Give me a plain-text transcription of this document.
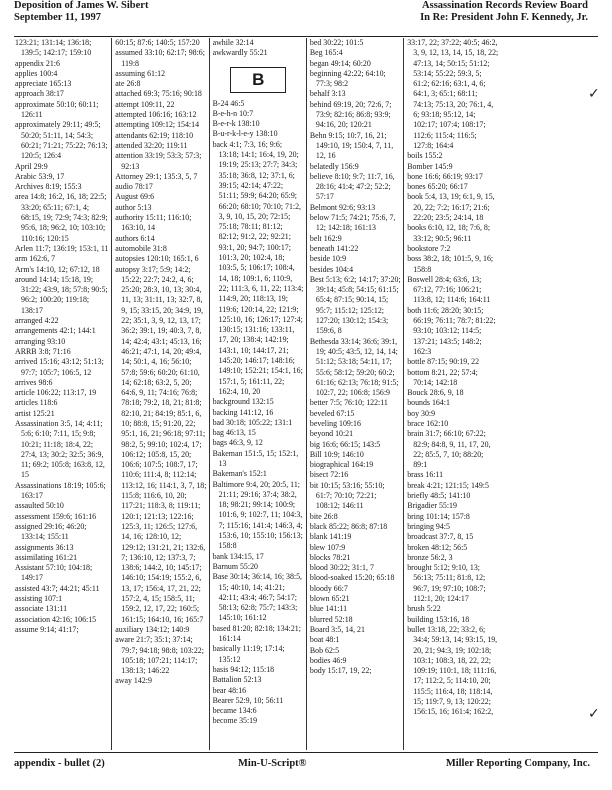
Deposition of James W. Sibert
September 11, 1997
Assassination Records Review Board
In Re: President John F. Kennedy, Jr.
123:21; 131:14; 136:18; 139:5; 142:17; 159:10
appendix 21:6
applies 100:4
appreciate 165:13
approach 38:17
approximate 50:10; 60:11; 126:11
approximately 29:11; 49:5; 50:20; 51:11, 14; 54:3; 60:21; 71:21; 75:22; 76:13; 120:5; 126:4
April 29:9
Arabic 53:9, 17
Archives 8:19; 155:3
area 14:8; 16:2, 16, 18; 22:5; 33:20; 65:11; 67:1, 4; 68:15, 19; 72:9; 74:3; 82:9; 95:6, 18; 96:2, 10; 103:10; 110:16; 120:15
Arlen 11:7; 136:19; 153:1, 11
arm 162:6, 7
Arm's 14:10, 12; 67:12, 18
around 14:14; 15:18, 19; 31:22; 43:9, 18; 57:8; 90:5; 96:2; 100:20; 119:18; 138:17
arranged 4:22
arrangements 42:1; 144:1
arranging 93:10
ARRB 3:8; 71:16
arrived 15:16; 43:12; 51:13; 97:7; 105:7; 106:5, 12
arrives 98:6
article 106:22; 113:17, 19
articles 118:6
artist 125:21
Assassination 3:5, 14; 4:11; 5:6; 6:10; 7:11, 15; 9:8; 10:21; 11:18; 18:4, 22; 27:4, 13; 30:2; 32:5; 36:9, 11; 69:2; 105:8; 163:8, 12, 15
Assassinations 18:19; 105:6; 163:17
assaulted 50:10
assessment 159:6; 161:16
assigned 29:16; 46:20; 133:14; 155:11
assignments 36:13
assimilating 161:21
Assistant 57:10; 104:18; 149:17
assisted 43:7; 44:21; 45:11
assisting 107:1
associate 131:11
association 42:16; 106:15
assume 9:14; 41:17;
60:15; 87:6; 140:5; 157:20
assumed 33:10; 62:17; 98:6; 119:8
assuming 61:12
ate 26:8
attached 69:3; 75:16; 90:18
attempt 109:11, 22
attempted 106:16; 163:12
attempting 109:12; 154:14
attendants 62:19; 118:10
attended 32:20; 119:11
attention 33:19; 53:3; 57:3; 92:13
Attorney 29:1; 135:3, 5, 7
audio 78:17
August 69:6
author 5:13
authority 15:11; 116:10; 163:10, 14
authors 6:14
automobile 31:8
autopsies 120:10; 165:1, 6
autopsy 3:17; 5:9; 14:2; 15:22; 22:7; 24:2, 4, 6; 25:20; 28:3, 10, 13; 30:4, 11, 13; 31:11, 13; 32:7, 8, 9, 15; 33:15, 20; 34:9, 19, 22; 35:1, 3, 9, 12, 13, 17; 36:2; 39:1, 19; 40:3, 7, 8, 14; 42:4; 43:1; 45:13, 16; 46:21; 47:1, 14, 20; 49:4, 14; 50:1, 4, 16; 56:10; 57:8; 59:6; 60:20; 61:10, 14; 62:18; 63:2, 5, 20; 64:6, 9, 11; 74:16; 76:8; 78:18; 79:2, 18, 21; 81:8; 82:10, 21; 84:19; 85:1, 6, 10; 88:8, 15; 91:20, 22; 95:1, 16, 21; 96:18; 97:11; 98:2, 5; 99:10; 102:4, 17; 106:12; 105:8, 15, 20; 106:6; 107:5; 108:7, 17; 110:6; 111:4, 8; 112:14; 113:12, 16; 114:1, 3, 7, 18; 115:8; 116:6, 10, 20; 117:21; 118:3, 8; 119:11; 120:1; 121:13; 122:16; 125:3, 11; 126:5; 127:6, 14, 16; 128:10, 12; 129:12; 131:21, 21; 132:6, 7; 136:10, 12; 137:3, 7; 138:6; 144:2, 10; 145:17; 146:10; 154:19; 155:2, 6, 13, 17; 156:4, 17, 21, 22; 157:2, 4, 15; 158:5, 11; 159:2, 12, 17, 22; 160:5; 161:15; 164:10, 16; 165:7
auxiliary 134:12; 140:9
aware 21:7; 35:1; 37:14; 79:7; 94:18; 98:8; 103:22; 105:18; 107:21; 114:17; 138:13; 146:22
away 142:9
awhile 32:14
awkwardly 55:21
B
B-24 46:5
B-e-h-n 10:7
B-e-r-k 138:10
B-u-r-k-l-e-y 138:10
back 4:1; 7:3, 16; 9:6; 13:18; 14:1; 16:4, 19, 20; 19:19; 25:13; 27:7; 34:3; 35:18; 36:8, 12; 37:1, 6; 39:15; 42:14; 47:22; 51:11; 59:9; 64:20; 65:9; 66:20; 68:10; 70:10; 71:2, 3, 9, 10, 15, 20; 72:15; 75:18; 78:11; 81:12; 82:12; 91:2, 22; 92:21; 93:1, 20; 94:7; 100:17; 101:3, 20; 102:4, 18; 103:5, 5; 106:17; 108:4, 14, 18; 109:1, 6; 110:9, 22; 111:3, 6, 11, 22; 113:4; 114:9, 20; 118:13, 19; 119:6; 120:14, 22; 121:9; 125:10, 16; 126:17; 127:4; 130:15; 131:16; 133:11, 17, 20; 138:4; 142:19; 143:1, 10; 144:17, 21; 145:20; 146:17; 148:16; 149:10; 152:21; 154:1, 16; 157:1, 5; 161:11, 22; 162:4, 10, 20
background 132:15
backing 141:12, 16
bad 30:18; 105:22; 131:1
bag 46:13, 15
bags 46:3, 9, 12
Bakeman 151:5, 15; 152:1, 13
Bakeman's 152:1
Baltimore 9:4, 20; 20:5, 11; 21:11; 29:16; 37:4; 38:2, 18; 98:21; 99:14; 100:9; 101:6, 9; 102:7, 11; 104:3, 7; 115:16; 141:4; 146:3, 4; 153:6, 10; 155:10; 156:13; 158:8
bank 134:15, 17
Barnum 55:20
Base 30:14; 36:14, 16; 38:5, 15; 40:10, 14; 41:21; 42:11; 43:4; 46:7; 54:17; 58:13; 62:8; 75:7; 143:3; 145:10; 161:12
based 81:20; 82:18; 134:21; 161:14
basically 11:19; 17:14; 135:12
basis 94:12; 115:18
Battalion 52:13
bear 48:16
Bearer 52:9, 10; 56:11
became 134:6
become 35:19
bed 30:22; 101:5
Beg 165:4
began 49:14; 60:20
beginning 42:22; 64:10; 77:3; 98:2
behalf 3:13
behind 69:19, 20; 72:6, 7; 73:9; 82:16; 86:8; 93:9; 94:16, 20; 120:21
Behn 9:15; 10:7, 16, 21; 149:10, 19; 150:4, 7, 11, 12, 16
belatedly 156:9
believe 8:10; 9:7; 11:7, 16, 28:16; 41:4; 47:2; 52:2; 57:17
Belmont 92:6; 93:13
below 71:5; 74:21; 75:6, 7, 12; 142:18; 161:13
belt 162:9
beneath 141:22
beside 10:9
besides 104:4
Best 5:13; 6:2; 14:17; 37:20; 39:14; 45:8; 54:15; 61:15; 65:4; 87:15; 90:14, 15; 95:7; 115:12; 125:12; 127:20; 130:12; 154:3; 159:6, 8
Bethesda 33:14; 36:6; 39:1, 19; 40:5; 43:5, 12, 14, 14; 51:12; 53:18; 54:11, 17; 55:6; 58:12; 59:20; 60:2; 61:16; 62:13; 76:18; 91:5; 102:7, 22; 106:8; 156:9
better 7:5; 76:10; 122:11
beveled 67:15
beveling 109:16
beyond 10:21
big 16:6; 66:15; 143:5
Bill 10:9; 146:10
biographical 164:19
bisect 72:16
bit 10:15; 53:16; 55:10; 61:7; 70:10; 72:21; 108:12; 146:11
bite 26:8
black 85:22; 86:8; 87:18
blank 141:19
blew 107:9
blocks 78:21
blood 30:22; 31:1, 7
blood-soaked 15:20; 65:18
bloody 66:7
blown 65:21
blue 141:11
blurred 52:18
Board 3:5, 14, 21
boat 48:1
Bob 62:5
bodies 46:9
body 15:17, 19, 22;
33:17, 22; 37:22; 40:5; 46:2, 3, 9, 12, 13, 14, 15, 18, 22; 47:13, 14; 50:15; 51:12; 53:14; 55:22; 59:3, 5; 61:2; 62:16; 63:1, 4, 6; 64:1, 3; 65:1; 68:11; 74:13; 75:13, 20; 76:1, 4, 6; 93:18; 95:12, 14; 102:17; 107:4; 108:17; 112:6; 115:4; 116:5; 127:8; 164:4
boils 155:2
Bomber 145:9
bone 16:6; 66:19; 93:17
bones 65:20; 66:17
book 5:4, 13, 19; 6:1, 9, 15, 20, 22; 7:2; 16:17; 21:6; 22:20; 23:5; 24:14, 18
books 6:10, 12, 18; 7:6, 8; 33:12; 90:5; 96:11
bookstore 7:2
boss 38:2, 18; 101:5, 9, 16; 158:8
Boswell 28:4; 63:6, 13; 67:12, 77:16; 106:21; 113:8, 12; 114:6; 164:11
both 11:6; 28:20; 30:15; 66:19; 76:11; 78:7; 81:22; 93:10; 103:12; 114:5; 137:21; 143:5; 148:2; 162:3
bottle 87:15; 90:19, 22
bottom 8:21, 22; 57:4; 70:14; 142:18
Bouck 28:6, 9, 18
bounds 164:1
boy 30:9
brace 162:10
brain 31:7; 66:10; 67:22; 82:9; 84:8, 9, 11, 17, 20, 22; 85:5, 7, 10; 88:20; 89:1
brass 16:11
break 4:21; 121:15; 149:5
briefly 48:5; 141:10
Brigadier 55:19
bring 101:14; 157:8
bringing 94:5
broadcast 37:7, 8, 15
broken 48:12; 56:5
bronze 56:2, 3
brought 5:12; 9:10, 13; 56:13; 75:11; 81:8, 12; 96:7, 19; 97:10; 108:7; 112:1, 20; 124:17
brush 5:22
building 153:16, 18
bullet 13:18, 22; 33:2, 6; 34:4; 59:13, 14; 93:15, 19, 20, 21; 94:3, 19; 102:18; 103:1; 108:3, 18, 22, 22; 109:19; 110:1, 18; 111:16, 17; 112:2, 5; 114:10, 20; 115:5; 116:4, 18; 118:14, 15; 119:7, 9, 13; 120:22; 156:15, 16; 161:4; 162:2,
appendix - bullet (2)	Min-U-Script®	Miller Reporting Company, Inc.
✓
✓
